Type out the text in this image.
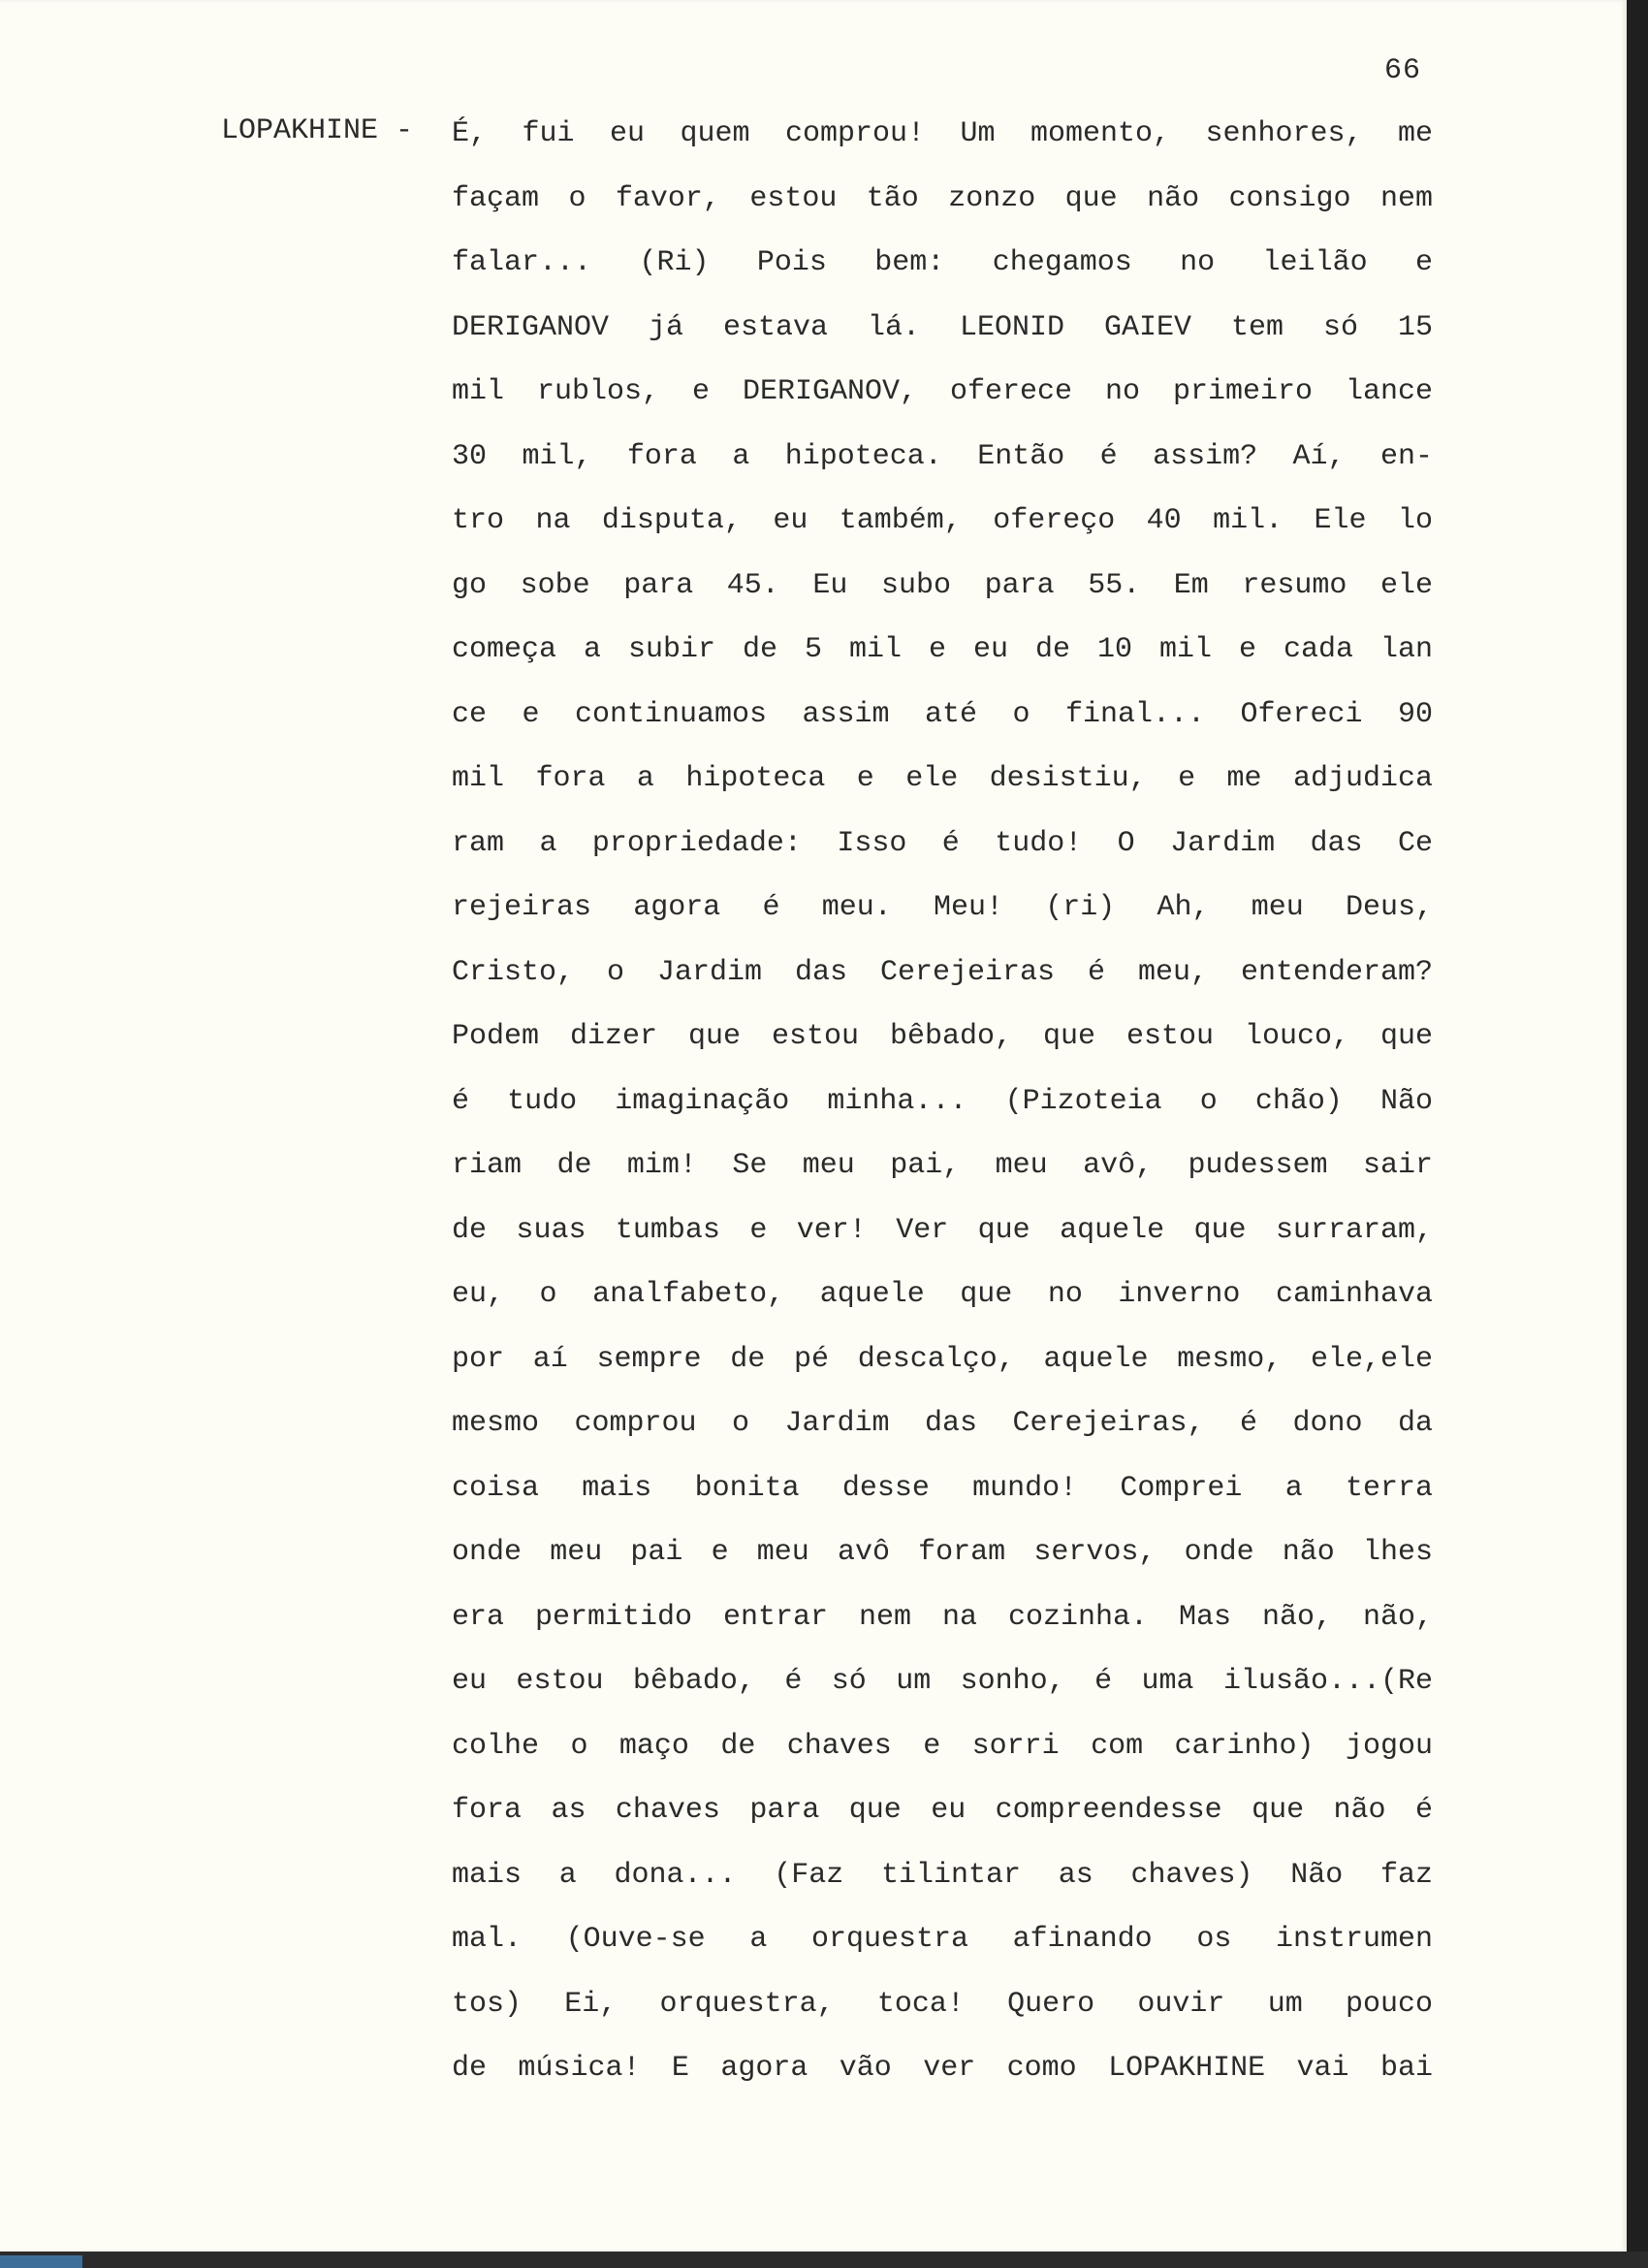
66
LOPAKHINE - É, fui eu quem comprou! Um momento, senhores, me
façam o favor, estou tão zonzo que não consigo nem
falar... (Ri) Pois bem: chegamos no leilão e
DERIGANOV já estava lá. LEONID GAIEV tem só 15
mil rublos, e DERIGANOV, oferece no primeiro lance
30 mil, fora a hipoteca. Então é assim? Aí, en-
tro na disputa, eu também, ofereço 40 mil. Ele lo
go sobe para 45. Eu subo para 55. Em resumo ele
começa a subir de 5 mil e eu de 10 mil e cada lan
ce e continuamos assim até o final... Ofereci 90
mil fora a hipoteca e ele desistiu, e me adjudica
ram a propriedade: Isso é tudo! O Jardim das Ce
rejeiras agora é meu. Meu! (ri) Ah, meu Deus,
Cristo, o Jardim das Cerejeiras é meu, entenderam?
Podem dizer que estou bêbado, que estou louco, que
é tudo imaginação minha... (Pizoteia o chão) Não
riam de mim! Se meu pai, meu avô, pudessem sair
de suas tumbas e ver! Ver que aquele que surraram,
eu, o analfabeto, aquele que no inverno caminhava
por aí sempre de pé descalço, aquele mesmo, ele,ele
mesmo comprou o Jardim das Cerejeiras, é dono da
coisa mais bonita desse mundo! Comprei a terra
onde meu pai e meu avô foram servos, onde não lhes
era permitido entrar nem na cozinha. Mas não, não,
eu estou bêbado, é só um sonho, é uma ilusão...(Re
colhe o maço de chaves e sorri com carinho) jogou
fora as chaves para que eu compreendesse que não é
mais a dona... (Faz tilintar as chaves) Não faz
mal. (Ouve-se a orquestra afinando os instrumen
tos) Ei, orquestra, toca! Quero ouvir um pouco
de música! E agora vão ver como LOPAKHINE vai bai
